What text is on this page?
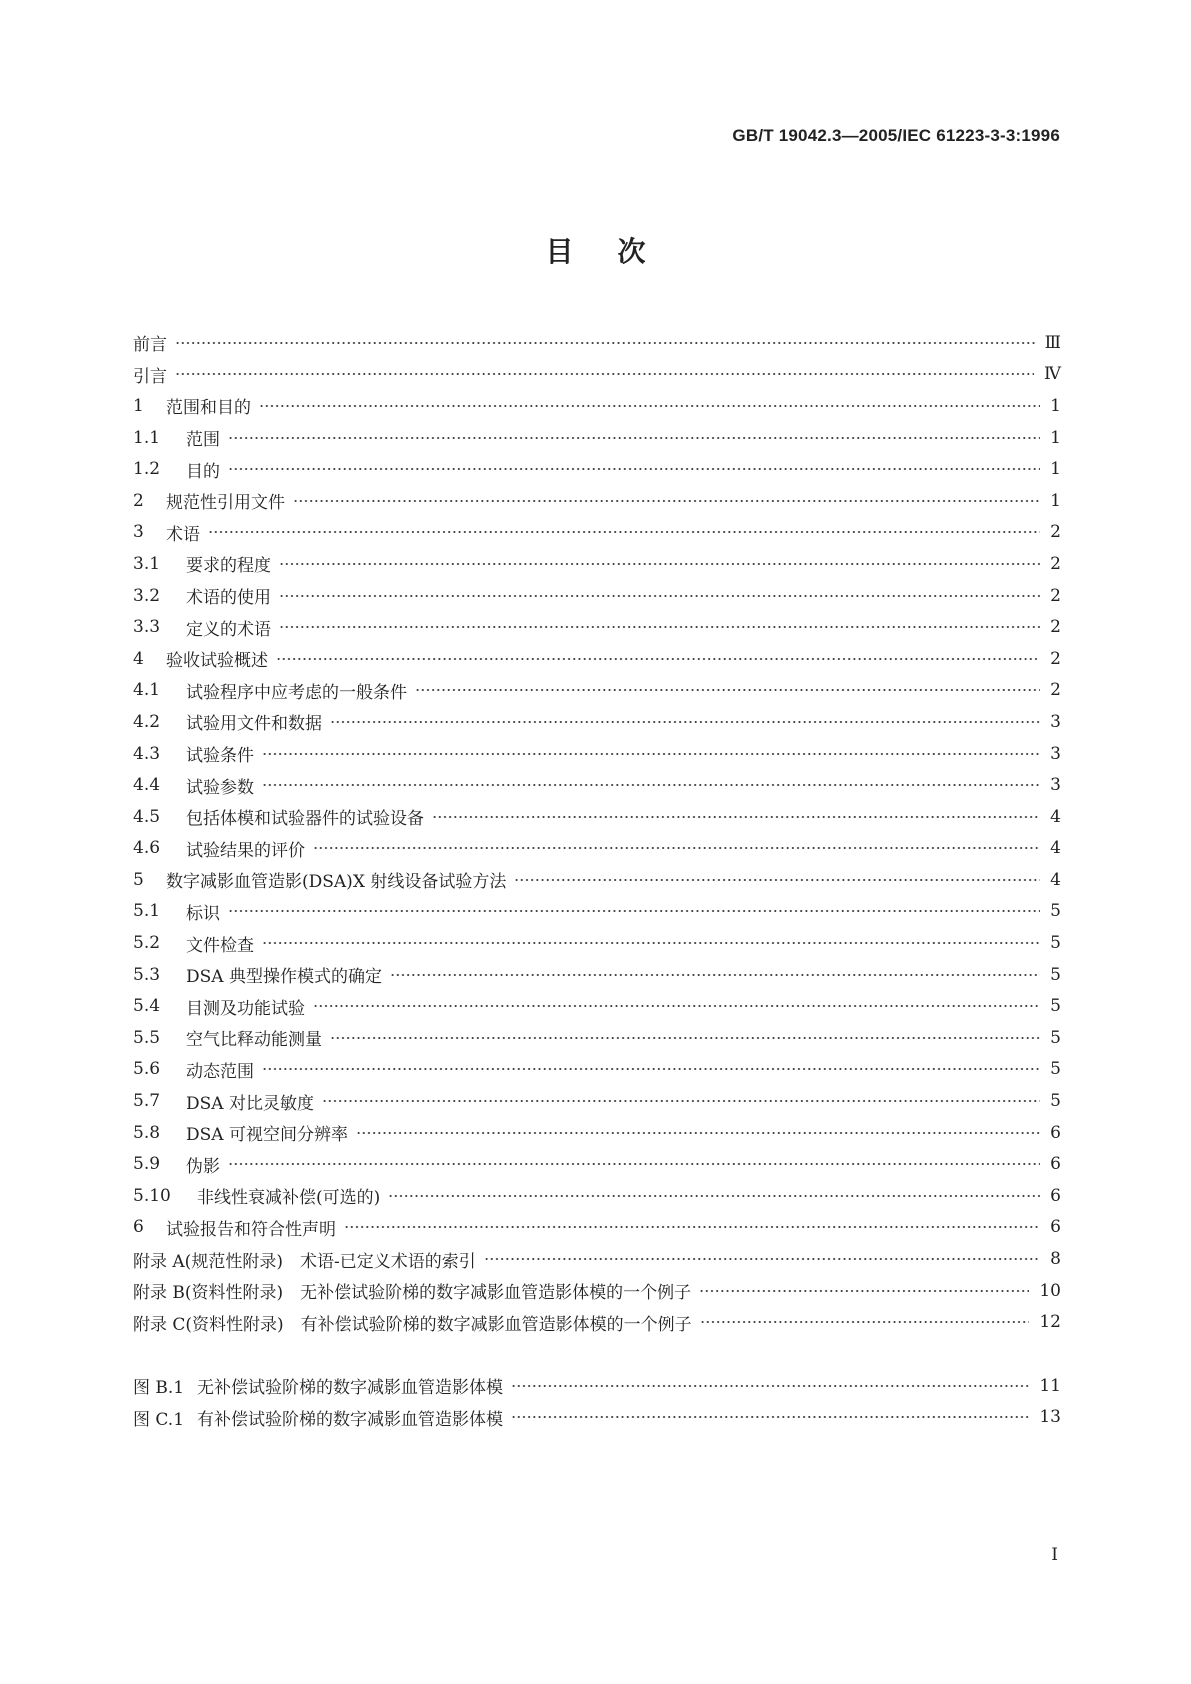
GB/T 19042.3—2005/IEC 61223-3-3:1996
目 次
前言	Ⅲ
引言	Ⅳ
1	范围和目的	1
1.1	范围	1
1.2	目的	1
2	规范性引用文件	1
3	术语	2
3.1	要求的程度	2
3.2	术语的使用	2
3.3	定义的术语	2
4	验收试验概述	2
4.1	试验程序中应考虑的一般条件	2
4.2	试验用文件和数据	3
4.3	试验条件	3
4.4	试验参数	3
4.5	包括体模和试验器件的试验设备	4
4.6	试验结果的评价	4
5	数字减影血管造影(DSA)X 射线设备试验方法	4
5.1	标识	5
5.2	文件检查	5
5.3	DSA 典型操作模式的确定	5
5.4	目测及功能试验	5
5.5	空气比释动能测量	5
5.6	动态范围	5
5.7	DSA 对比灵敏度	5
5.8	DSA 可视空间分辨率	6
5.9	伪影	6
5.10	非线性衰减补偿(可选的)	6
6	试验报告和符合性声明	6
附录 A(规范性附录)　术语-已定义术语的索引	8
附录 B(资料性附录)　无补偿试验阶梯的数字减影血管造影体模的一个例子	10
附录 C(资料性附录)　有补偿试验阶梯的数字减影血管造影体模的一个例子	12
图 B.1 无补偿试验阶梯的数字减影血管造影体模	11
图 C.1 有补偿试验阶梯的数字减影血管造影体模	13
I
